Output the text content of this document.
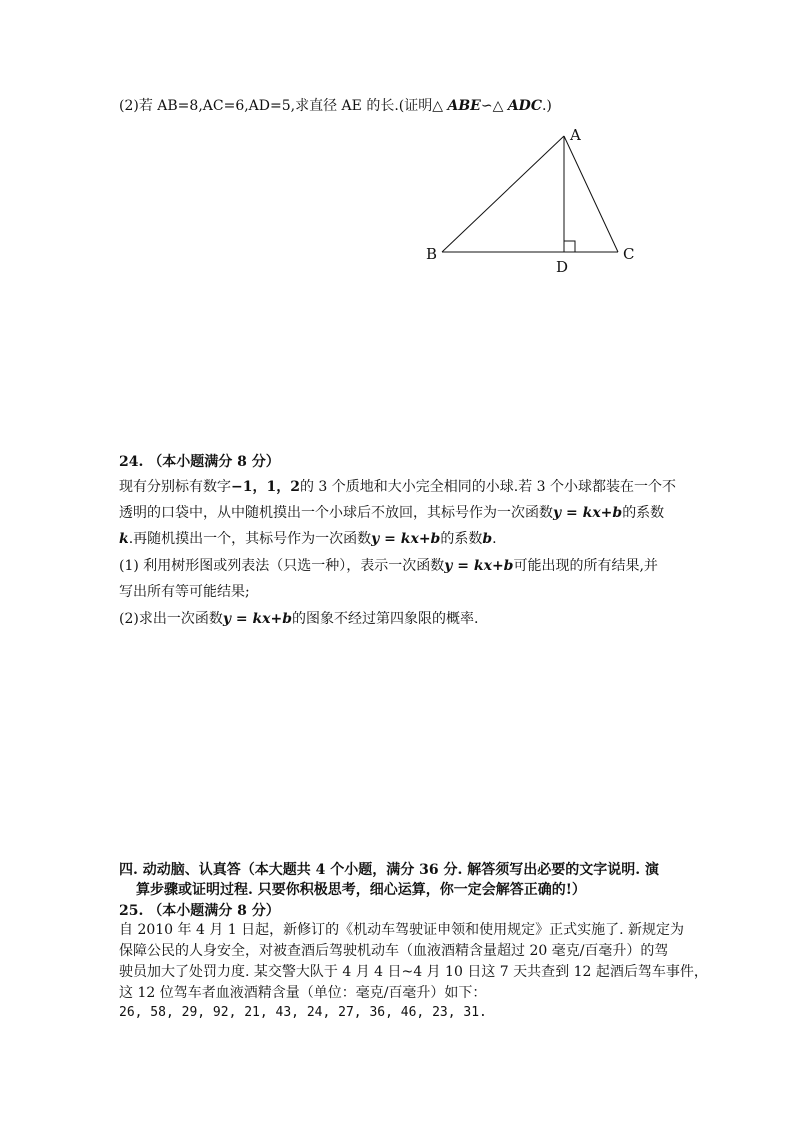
(2)若 AB=8,AC=6,AD=5,求直径 AE 的长.(证明△ ABE∽△ ADC.)
A
B	C
D
24. （本小题满分 8 分）
现有分别标有数字−1，1，2的 3 个质地和大小完全相同的小球.若 3 个小球都装在一个不
透明的口袋中，从中随机摸出一个小球后不放回，其标号作为一次函数y = kx+b的系数
k.再随机摸出一个，其标号作为一次函数y = kx+b的系数b.
(1) 利用树形图或列表法（只选一种），表示一次函数y = kx+b可能出现的所有结果,并
写出所有等可能结果;
(2)求出一次函数y = kx+b的图象不经过第四象限的概率.
四. 动动脑、认真答（本大题共 4 个小题，满分 36 分. 解答须写出必要的文字说明. 演
算步骤或证明过程. 只要你积极思考，细心运算，你一定会解答正确的!）
25. （本小题满分 8 分）
自 2010 年 4 月 1 日起，新修订的《机动车驾驶证申领和使用规定》正式实施了. 新规定为
保障公民的人身安全，对被查酒后驾驶机动车（血液酒精含量超过 20 毫克/百毫升）的驾
驶员加大了处罚力度. 某交警大队于 4 月 4 日~4 月 10 日这 7 天共查到 12 起酒后驾车事件，
这 12 位驾车者血液酒精含量（单位：毫克/百毫升）如下：
26, 58, 29, 92, 21, 43, 24, 27, 36, 46, 23, 31.
